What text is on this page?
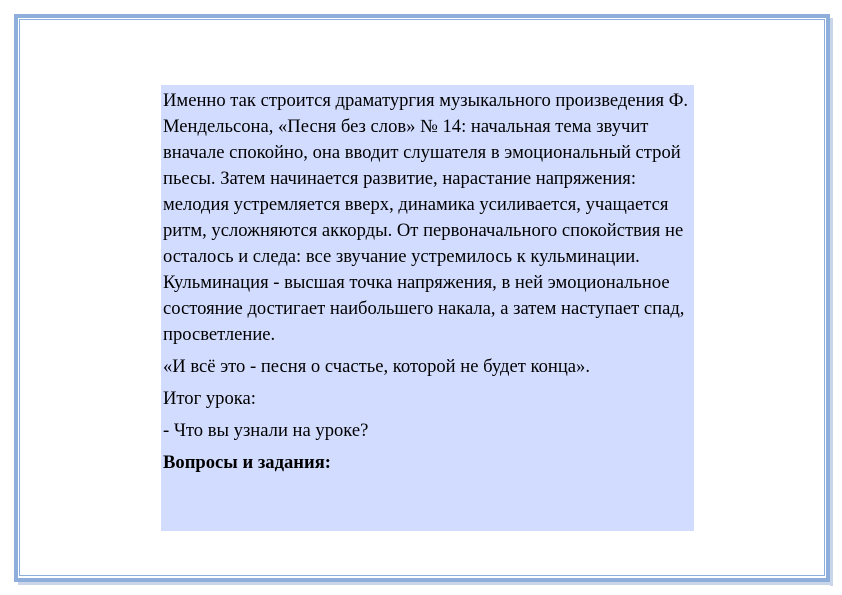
Именно так строится драматургия музыкального произведения Ф. Мендельсона, «Песня без слов» № 14: начальная тема звучит вначале спокойно, она вводит слушателя в эмоциональный строй пьесы. Затем начинается развитие, нарастание напряжения: мелодия устремляется вверх, динамика усиливается, учащается ритм, усложняются аккорды. От первоначального спокойствия не осталось и следа: все звучание устремилось к кульминации. Кульминация - высшая точка напряжения, в ней эмоциональное состояние достигает наибольшего накала, а затем наступает спад, просветление.

«И всё это - песня о счастье, которой не будет конца».

Итог урока:

- Что вы узнали на уроке?

Вопросы и задания:
